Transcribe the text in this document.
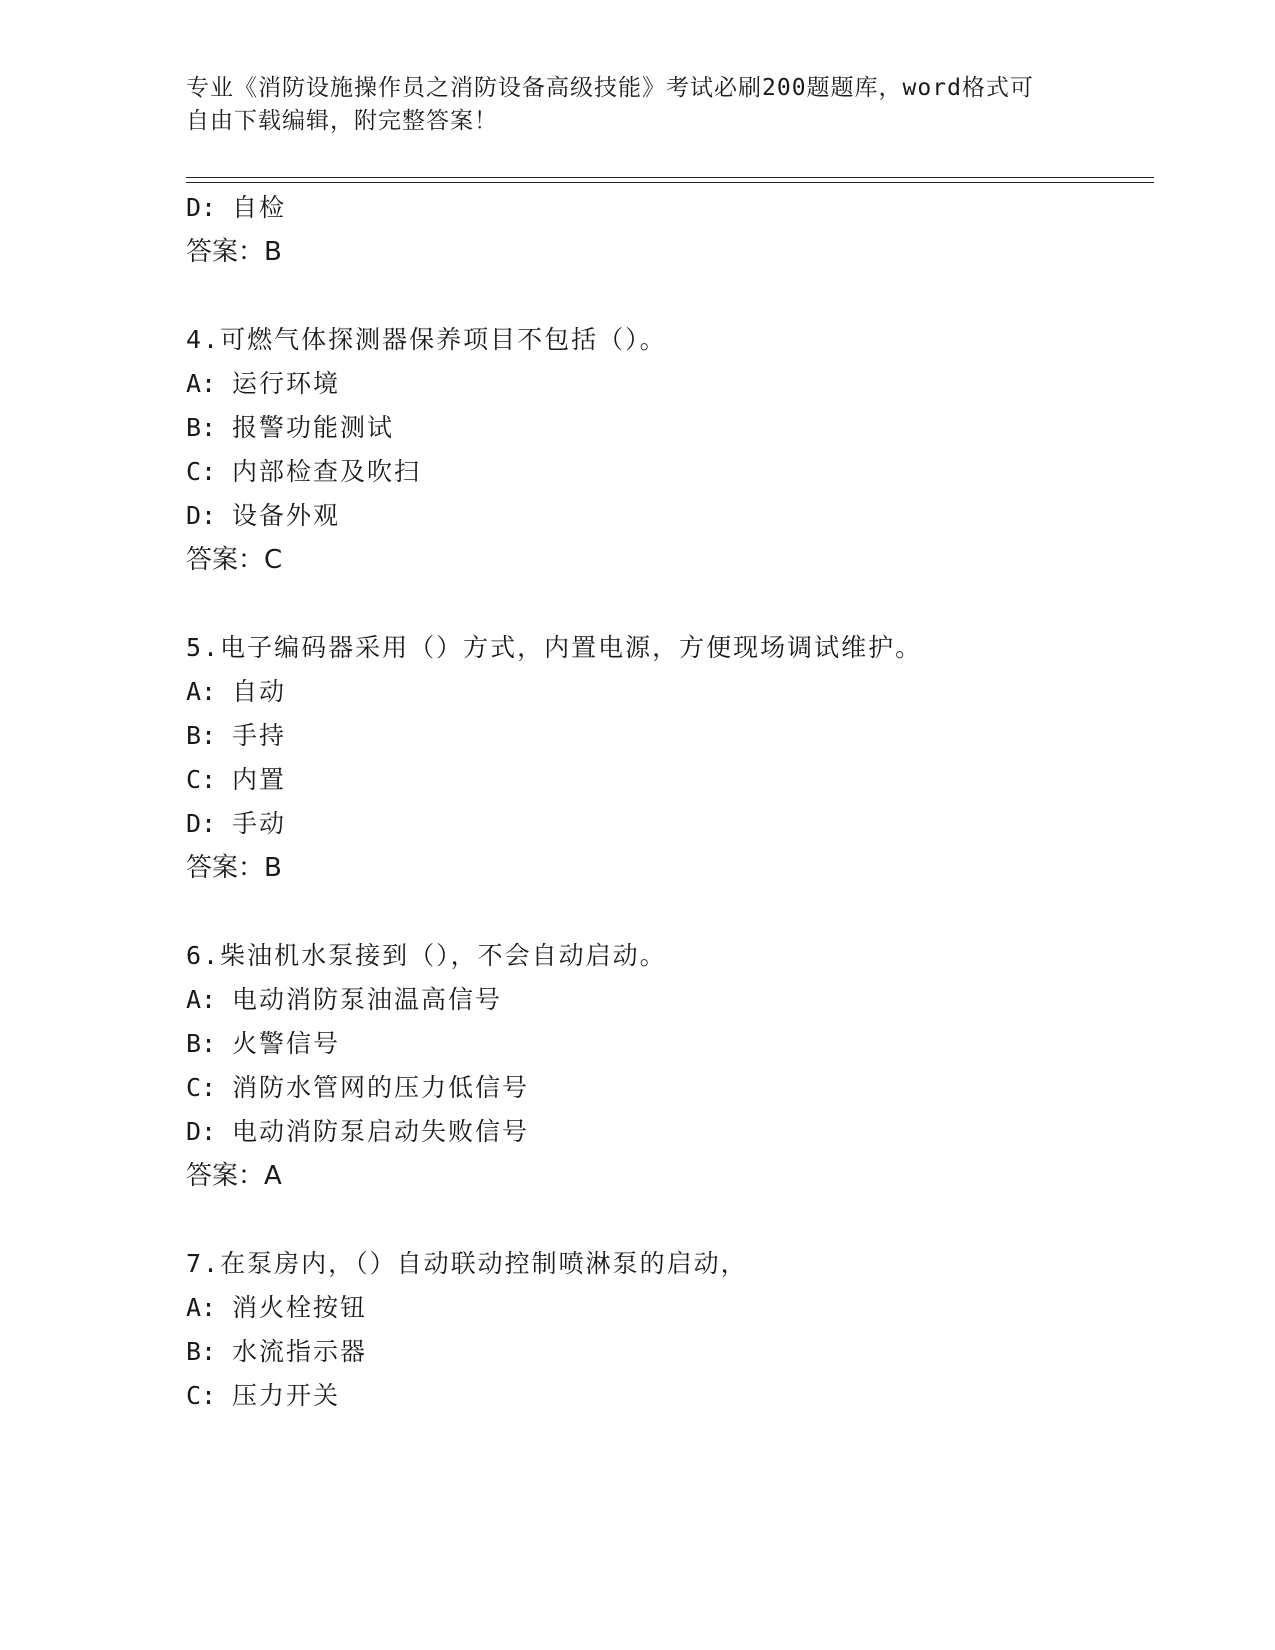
专业《消防设施操作员之消防设备高级技能》考试必刷200题题库，word格式可
自由下载编辑，附完整答案！
D: 自检
答案：B
4.可燃气体探测器保养项目不包括（）。
A: 运行环境
B: 报警功能测试
C: 内部检查及吹扫
D: 设备外观
答案：C
5.电子编码器采用（）方式，内置电源，方便现场调试维护。
A: 自动
B: 手持
C: 内置
D: 手动
答案：B
6.柴油机水泵接到（），不会自动启动。
A: 电动消防泵油温高信号
B: 火警信号
C: 消防水管网的压力低信号
D: 电动消防泵启动失败信号
答案：A
7.在泵房内，（）自动联动控制喷淋泵的启动，
A: 消火栓按钮
B: 水流指示器
C: 压力开关
